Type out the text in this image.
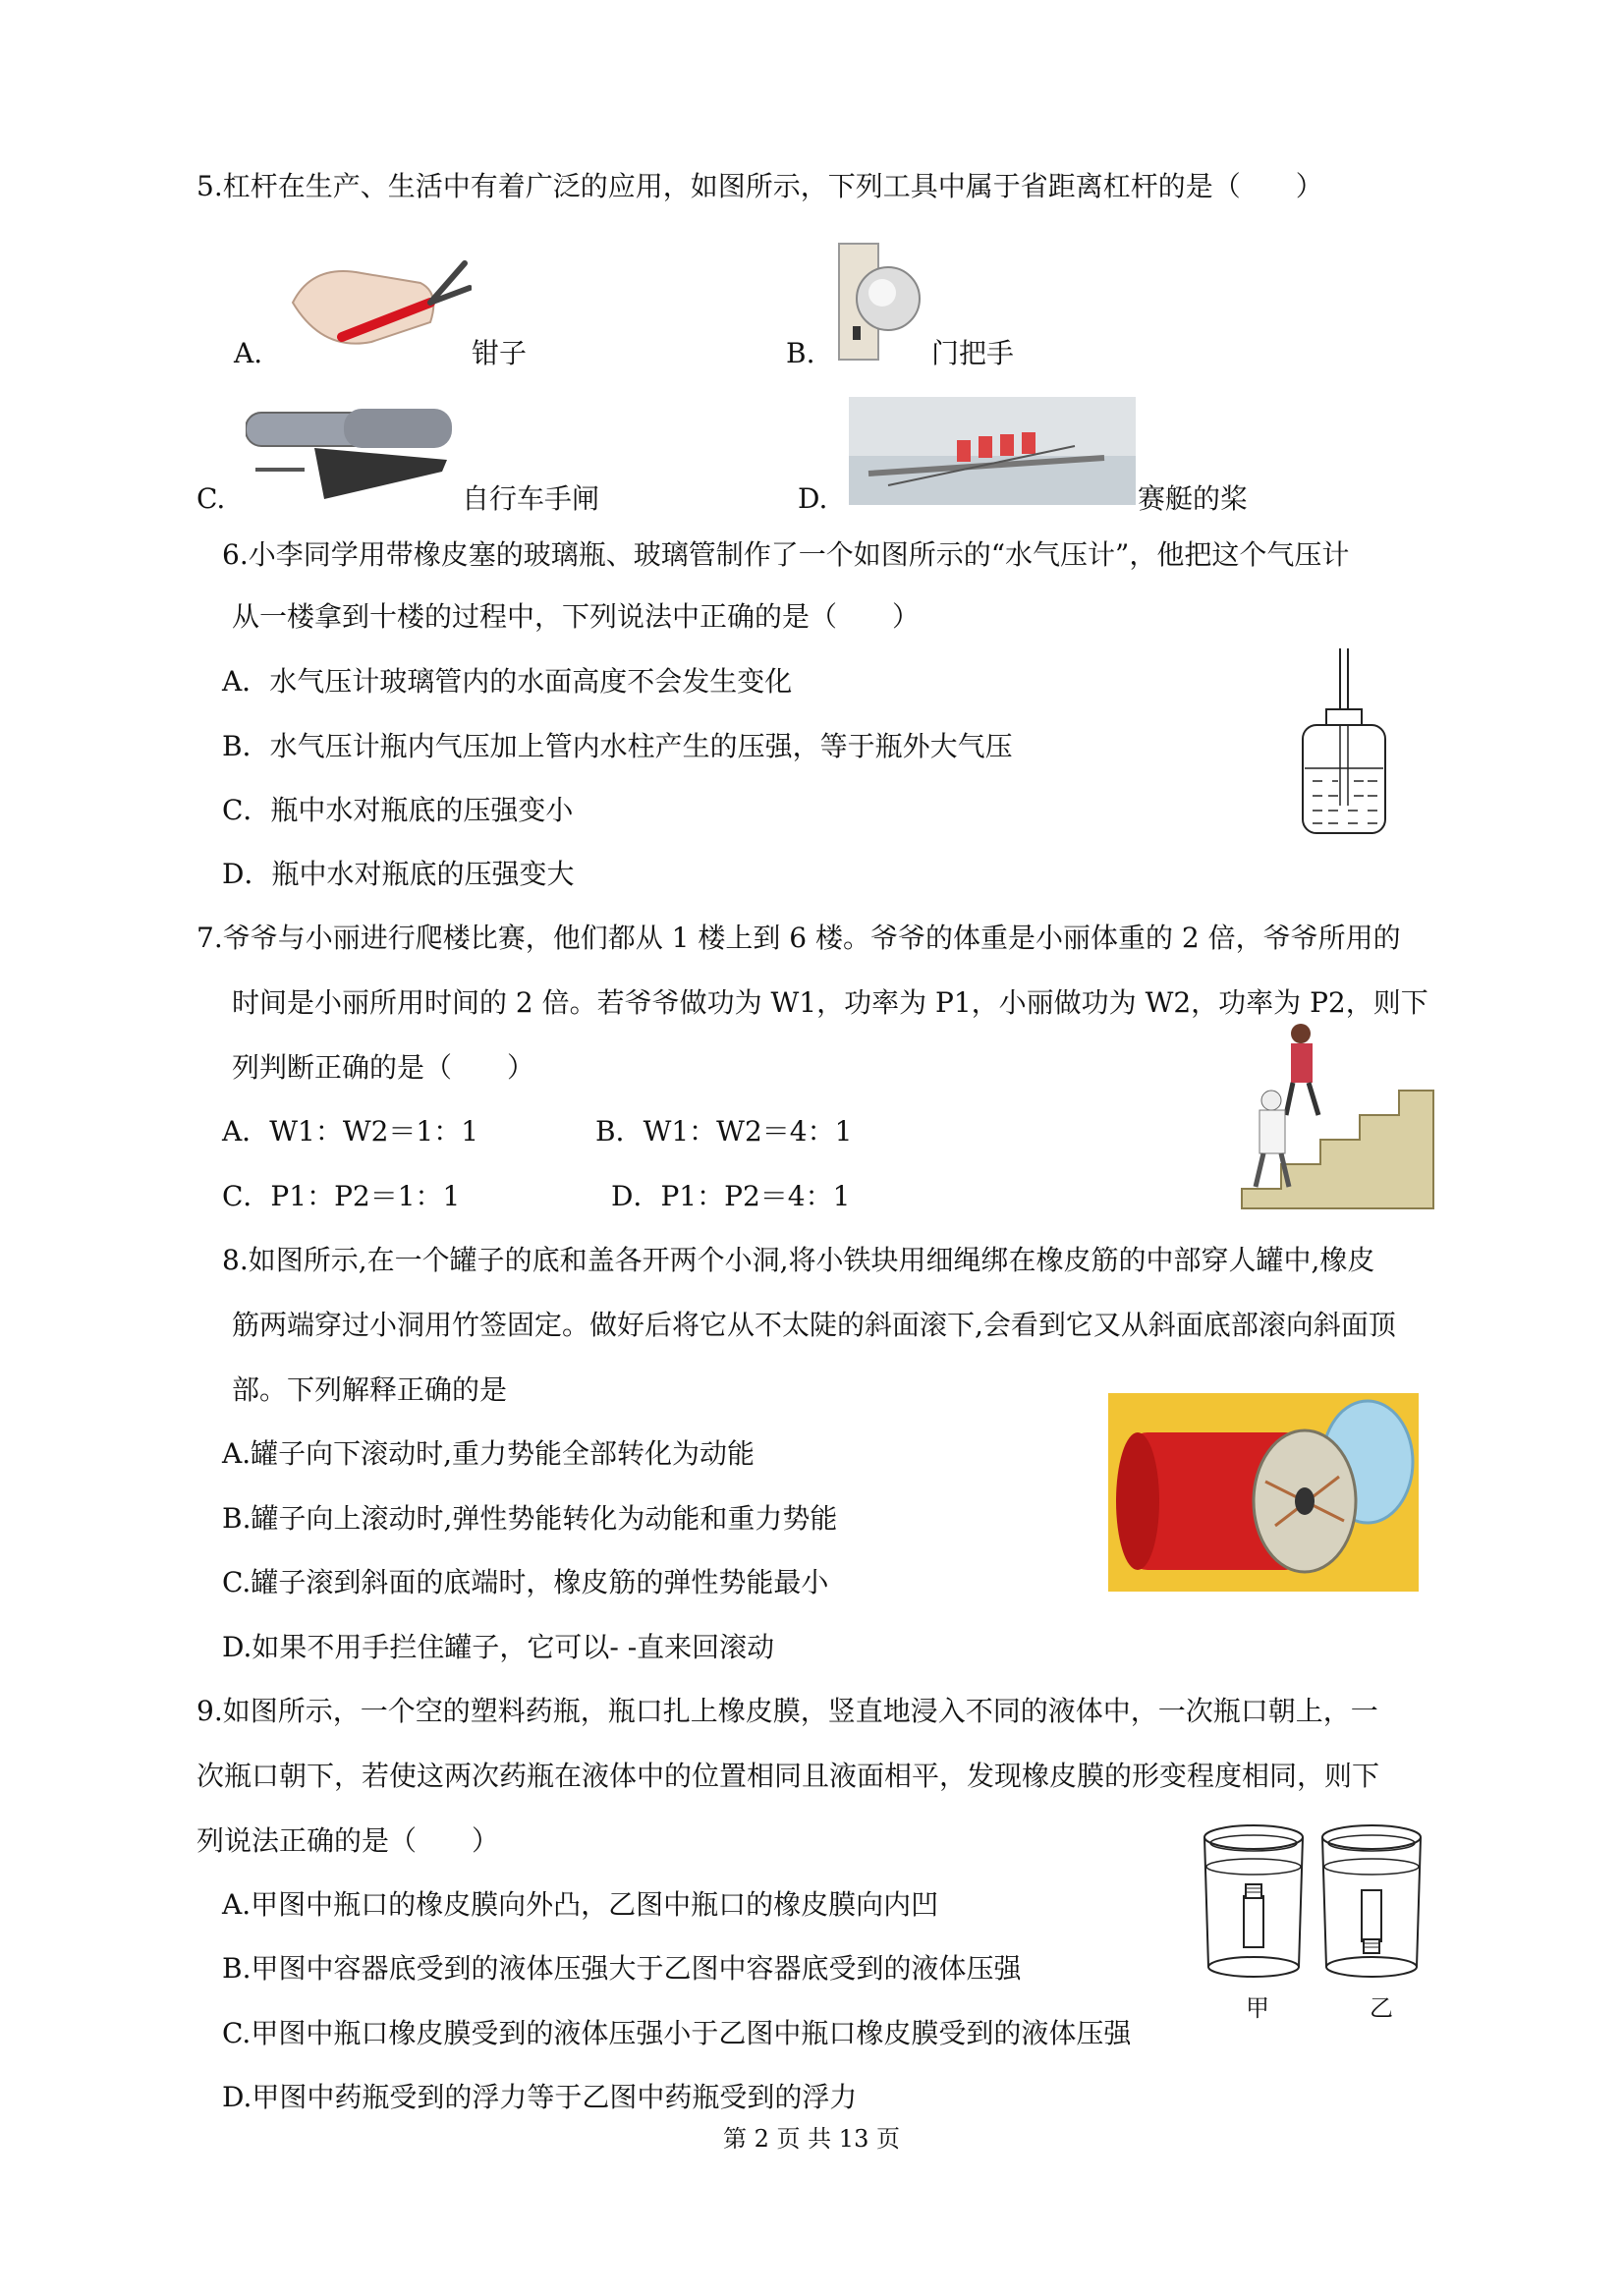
5.杠杆在生产、生活中有着广泛的应用，如图所示，下列工具中属于省距离杠杆的是（　　）
A.	钳子	B.	门把手
C.	自行车手闸	D.	赛艇的桨
6.小李同学用带橡皮塞的玻璃瓶、玻璃管制作了一个如图所示的“水气压计”，他把这个气压计
从一楼拿到十楼的过程中，下列说法中正确的是（　　）
A．水气压计玻璃管内的水面高度不会发生变化
B．水气压计瓶内气压加上管内水柱产生的压强，等于瓶外大气压
C．瓶中水对瓶底的压强变小
D．瓶中水对瓶底的压强变大
7.爷爷与小丽进行爬楼比赛，他们都从 1 楼上到 6 楼。爷爷的体重是小丽体重的 2 倍，爷爷所用的
时间是小丽所用时间的 2 倍。若爷爷做功为 W1，功率为 P1，小丽做功为 W2，功率为 P2，则下
列判断正确的是（　　）
A．W1：W2＝1：1	B．W1：W2＝4：1
C．P1：P2＝1：1	D．P1：P2＝4：1
8.如图所示,在一个罐子的底和盖各开两个小洞,将小铁块用细绳绑在橡皮筋的中部穿人罐中,橡皮
筋两端穿过小洞用竹签固定。做好后将它从不太陡的斜面滚下,会看到它又从斜面底部滚向斜面顶
部。下列解释正确的是
A.罐子向下滚动时,重力势能全部转化为动能
B.罐子向上滚动时,弹性势能转化为动能和重力势能
C.罐子滚到斜面的底端时，橡皮筋的弹性势能最小
D.如果不用手拦住罐子，它可以- -直来回滚动
9.如图所示，一个空的塑料药瓶，瓶口扎上橡皮膜，竖直地浸入不同的液体中，一次瓶口朝上，一
次瓶口朝下，若使这两次药瓶在液体中的位置相同且液面相平，发现橡皮膜的形变程度相同，则下
列说法正确的是（　　）
A.甲图中瓶口的橡皮膜向外凸，乙图中瓶口的橡皮膜向内凹
B.甲图中容器底受到的液体压强大于乙图中容器底受到的液体压强
C.甲图中瓶口橡皮膜受到的液体压强小于乙图中瓶口橡皮膜受到的液体压强
D.甲图中药瓶受到的浮力等于乙图中药瓶受到的浮力
甲	乙
第 2 页 共 13 页
